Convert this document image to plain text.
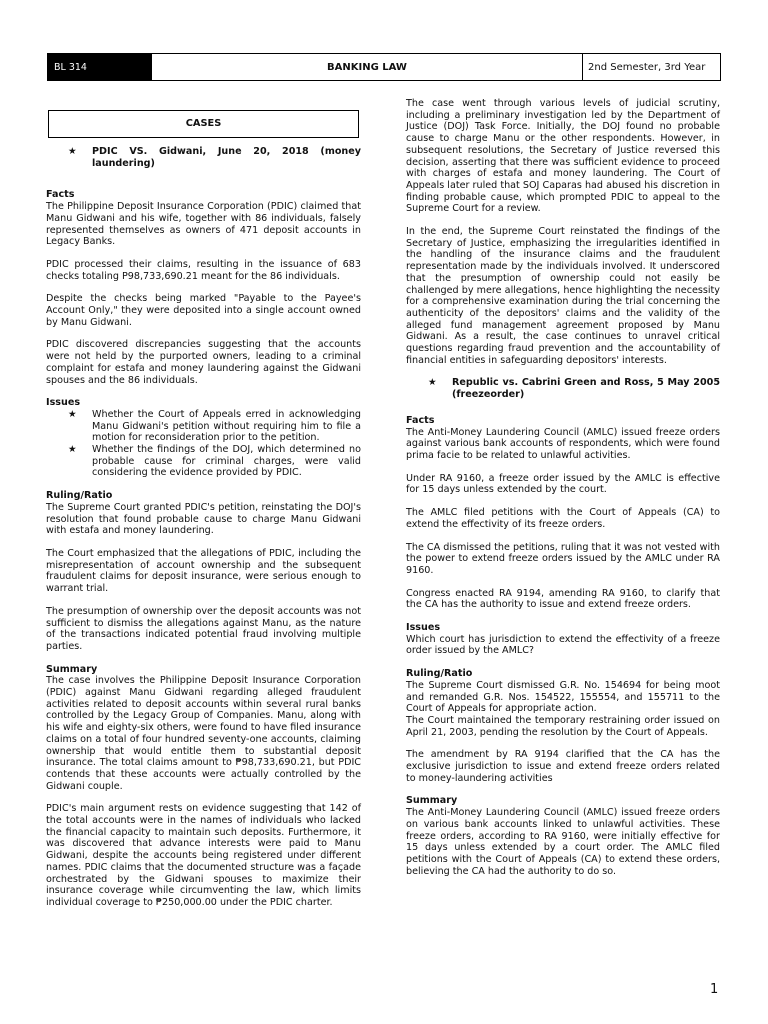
BL 314	BANKING LAW	2nd Semester, 3rd Year
CASES
★	PDIC VS. Gidwani, June 20, 2018 (money laundering)
Facts

The Philippine Deposit Insurance Corporation (PDIC) claimed that Manu Gidwani and his wife, together with 86 individuals, falsely represented themselves as owners of 471 deposit accounts in Legacy Banks.

PDIC processed their claims, resulting in the issuance of 683 checks totaling P98,733,690.21 meant for the 86 individuals.

Despite the checks being marked "Payable to the Payee's Account Only," they were deposited into a single account owned by Manu Gidwani.

PDIC discovered discrepancies suggesting that the accounts were not held by the purported owners, leading to a criminal complaint for estafa and money laundering against the Gidwani spouses and the 86 individuals.

Issues
★	Whether the Court of Appeals erred in acknowledging Manu Gidwani's petition without requiring him to file a motion for reconsideration prior to the petition.
★	Whether the findings of the DOJ, which determined no probable cause for criminal charges, were valid considering the evidence provided by PDIC.
Ruling/Ratio

The Supreme Court granted PDIC's petition, reinstating the DOJ's resolution that found probable cause to charge Manu Gidwani with estafa and money laundering.

The Court emphasized that the allegations of PDIC, including the misrepresentation of account ownership and the subsequent fraudulent claims for deposit insurance, were serious enough to warrant trial.

The presumption of ownership over the deposit accounts was not sufficient to dismiss the allegations against Manu, as the nature of the transactions indicated potential fraud involving multiple parties.

Summary

The case involves the Philippine Deposit Insurance Corporation (PDIC) against Manu Gidwani regarding alleged fraudulent activities related to deposit accounts within several rural banks controlled by the Legacy Group of Companies. Manu, along with his wife and eighty-six others, were found to have filed insurance claims on a total of four hundred seventy-one accounts, claiming ownership that would entitle them to substantial deposit insurance. The total claims amount to ₱98,733,690.21, but PDIC contends that these accounts were actually controlled by the Gidwani couple.

PDIC's main argument rests on evidence suggesting that 142 of the total accounts were in the names of individuals who lacked the financial capacity to maintain such deposits. Furthermore, it was discovered that advance interests were paid to Manu Gidwani, despite the accounts being registered under different names. PDIC claims that the documented structure was a façade orchestrated by the Gidwani spouses to maximize their insurance coverage while circumventing the law, which limits individual coverage to ₱250,000.00 under the PDIC charter.

The case went through various levels of judicial scrutiny, including a preliminary investigation led by the Department of Justice (DOJ) Task Force. Initially, the DOJ found no probable cause to charge Manu or the other respondents. However, in subsequent resolutions, the Secretary of Justice reversed this decision, asserting that there was sufficient evidence to proceed with charges of estafa and money laundering. The Court of Appeals later ruled that SOJ Caparas had abused his discretion in finding probable cause, which prompted PDIC to appeal to the Supreme Court for a review.

In the end, the Supreme Court reinstated the findings of the Secretary of Justice, emphasizing the irregularities identified in the handling of the insurance claims and the fraudulent representation made by the individuals involved. It underscored that the presumption of ownership could not easily be challenged by mere allegations, hence highlighting the necessity for a comprehensive examination during the trial concerning the authenticity of the depositors' claims and the validity of the alleged fund management agreement proposed by Manu Gidwani. As a result, the case continues to unravel critical questions regarding fraud prevention and the accountability of financial entities in safeguarding depositors' interests.

★	Republic vs. Cabrini Green and Ross, 5 May 2005 (freezeorder)
Facts

The Anti-Money Laundering Council (AMLC) issued freeze orders against various bank accounts of respondents, which were found prima facie to be related to unlawful activities.

Under RA 9160, a freeze order issued by the AMLC is effective for 15 days unless extended by the court.

The AMLC filed petitions with the Court of Appeals (CA) to extend the effectivity of its freeze orders.

The CA dismissed the petitions, ruling that it was not vested with the power to extend freeze orders issued by the AMLC under RA 9160.

Congress enacted RA 9194, amending RA 9160, to clarify that the CA has the authority to issue and extend freeze orders.

Issues

Which court has jurisdiction to extend the effectivity of a freeze order issued by the AMLC?

Ruling/Ratio

The Supreme Court dismissed G.R. No. 154694 for being moot and remanded G.R. Nos. 154522, 155554, and 155711 to the Court of Appeals for appropriate action.

The Court maintained the temporary restraining order issued on April 21, 2003, pending the resolution by the Court of Appeals.

The amendment by RA 9194 clarified that the CA has the exclusive jurisdiction to issue and extend freeze orders related to money-laundering activities

Summary

The Anti-Money Laundering Council (AMLC) issued freeze orders on various bank accounts linked to unlawful activities. These freeze orders, according to RA 9160, were initially effective for 15 days unless extended by a court order. The AMLC filed petitions with the Court of Appeals (CA) to extend these orders, believing the CA had the authority to do so.

1
